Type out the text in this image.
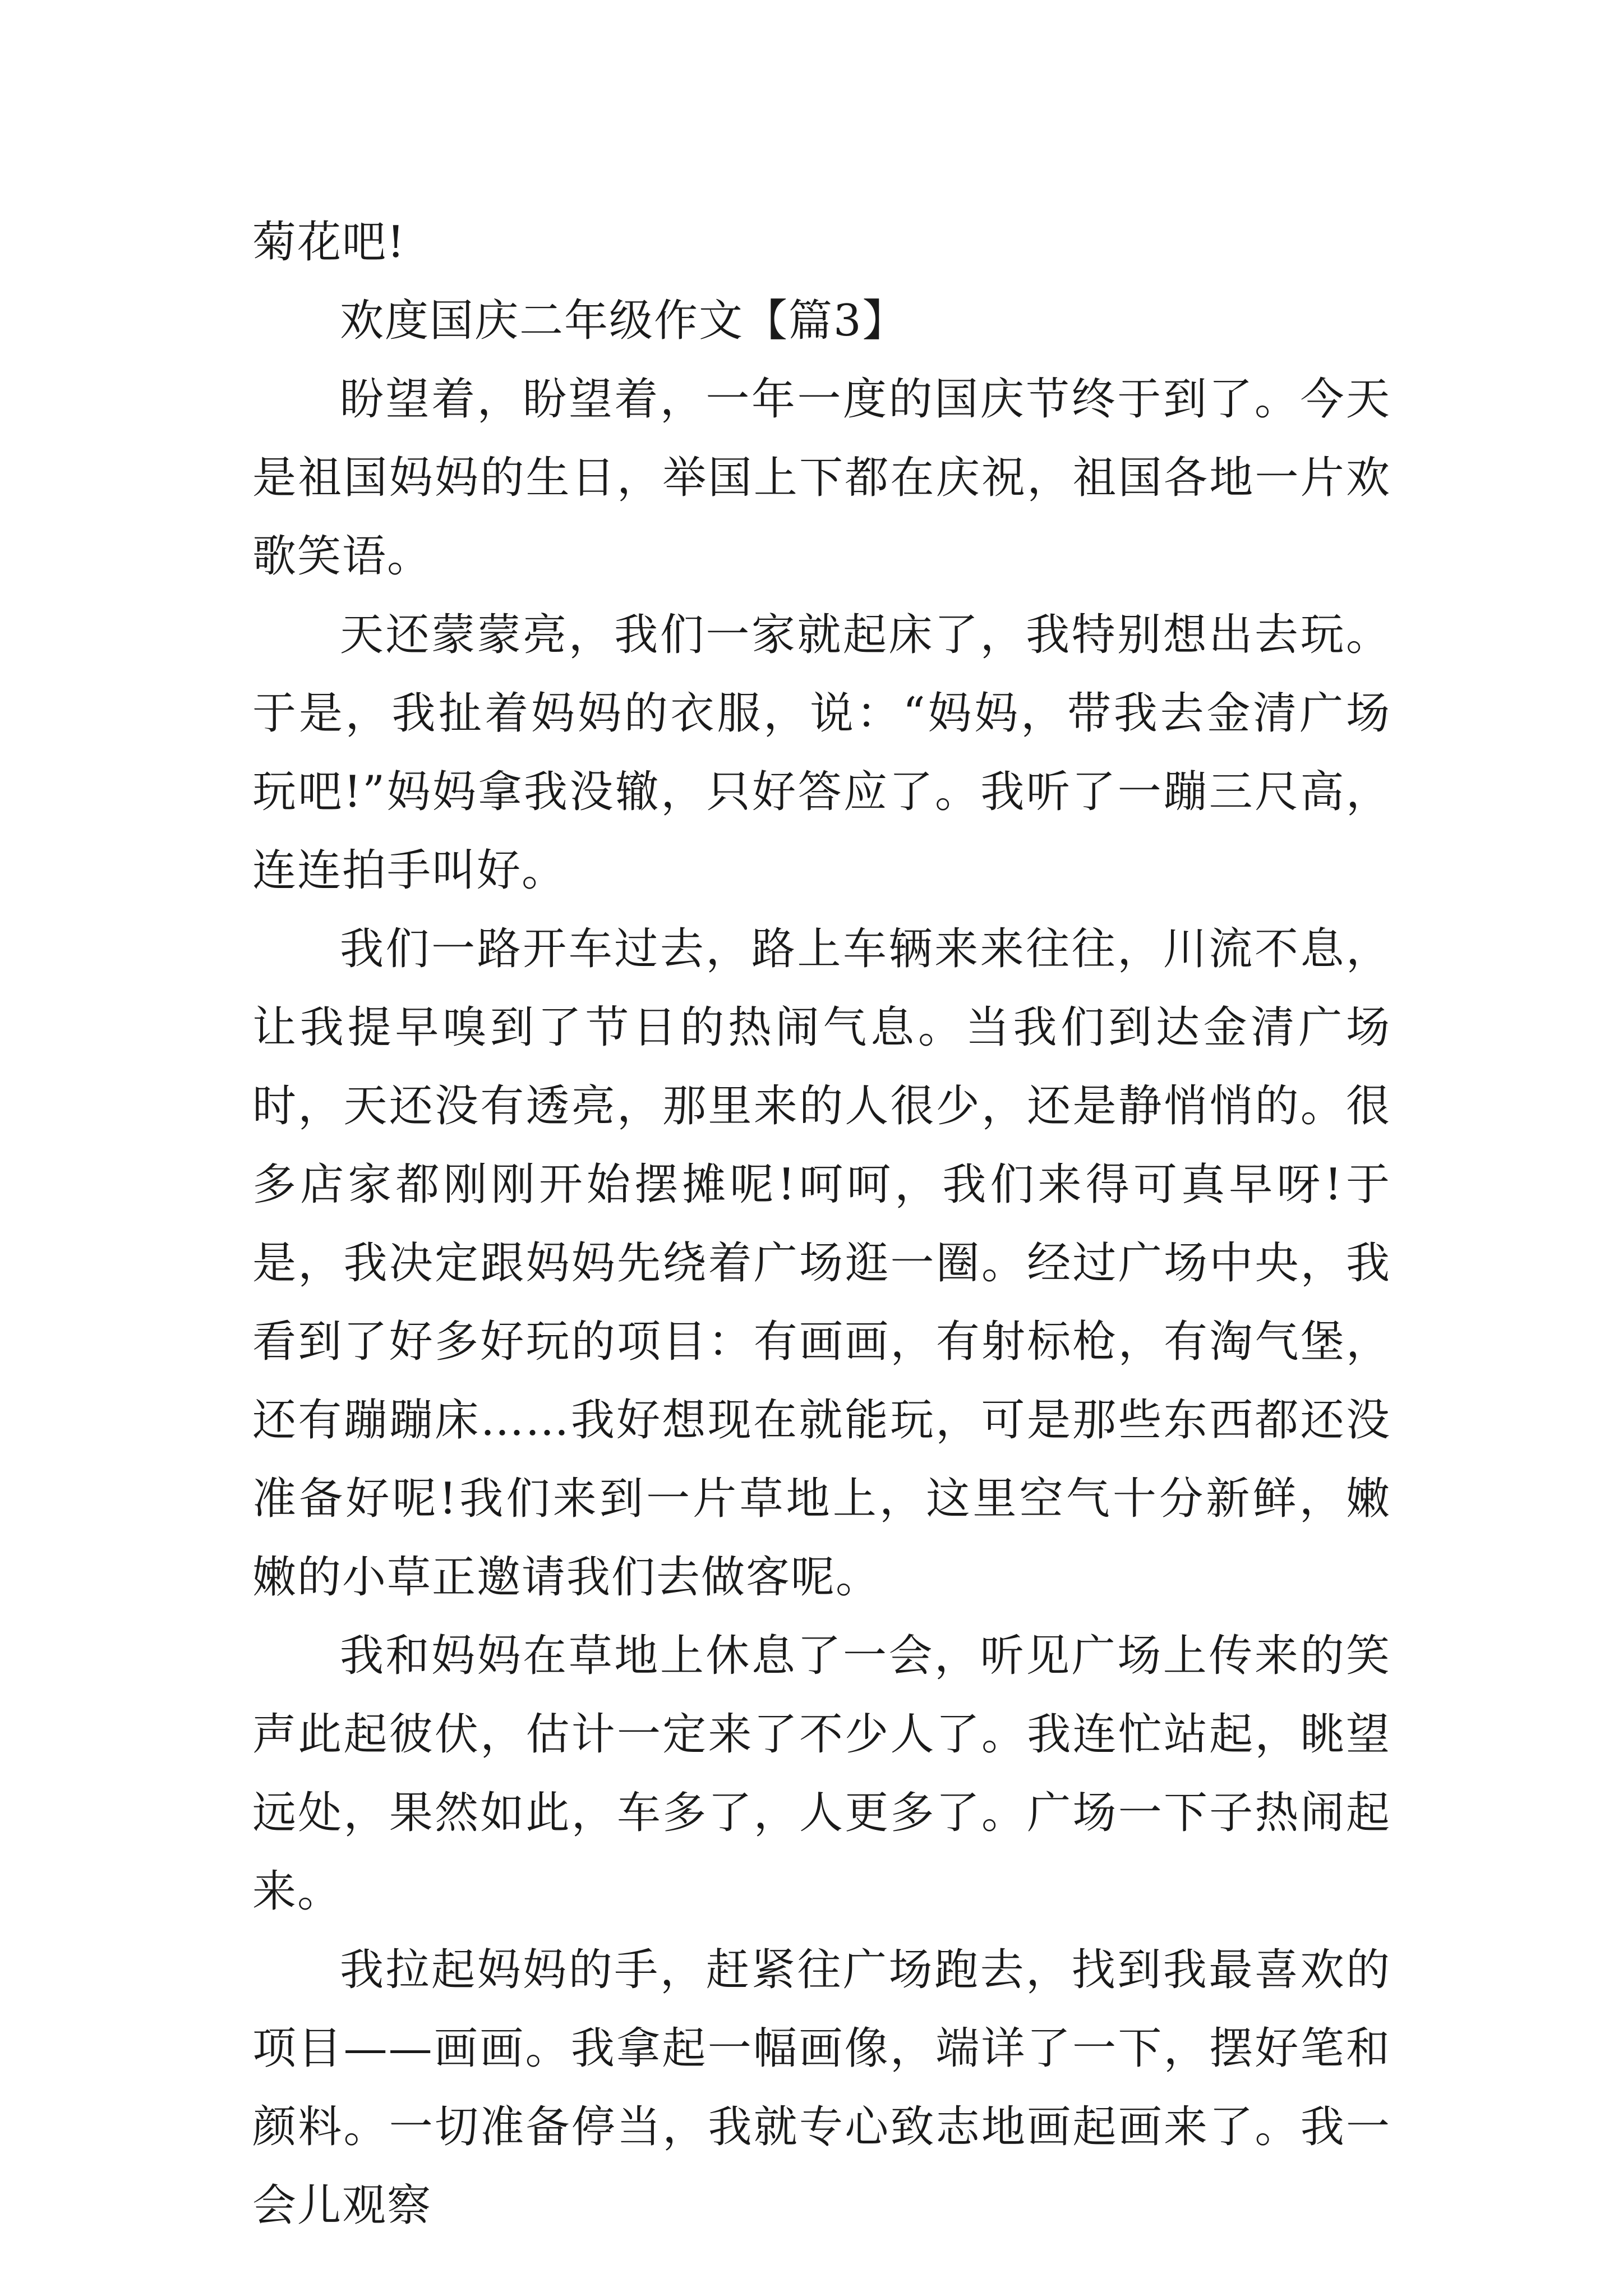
菊花吧!

欢度国庆二年级作文【篇3】

盼望着，盼望着，一年一度的国庆节终于到了。今天是祖国妈妈的生日，举国上下都在庆祝，祖国各地一片欢歌笑语。

天还蒙蒙亮，我们一家就起床了，我特别想出去玩。于是，我扯着妈妈的衣服，说：“妈妈，带我去金清广场玩吧!”妈妈拿我没辙，只好答应了。我听了一蹦三尺高，连连拍手叫好。

我们一路开车过去，路上车辆来来往往，川流不息，让我提早嗅到了节日的热闹气息。当我们到达金清广场时，天还没有透亮，那里来的人很少，还是静悄悄的。很多店家都刚刚开始摆摊呢!呵呵，我们来得可真早呀!于是，我决定跟妈妈先绕着广场逛一圈。经过广场中央，我看到了好多好玩的项目：有画画，有射标枪，有淘气堡，还有蹦蹦床……我好想现在就能玩，可是那些东西都还没准备好呢!我们来到一片草地上，这里空气十分新鲜，嫩嫩的小草正邀请我们去做客呢。

我和妈妈在草地上休息了一会，听见广场上传来的笑声此起彼伏，估计一定来了不少人了。我连忙站起，眺望远处，果然如此，车多了，人更多了。广场一下子热闹起来。

我拉起妈妈的手，赶紧往广场跑去，找到我最喜欢的项目——画画。我拿起一幅画像，端详了一下，摆好笔和颜料。一切准备停当，我就专心致志地画起画来了。我一会儿观察
